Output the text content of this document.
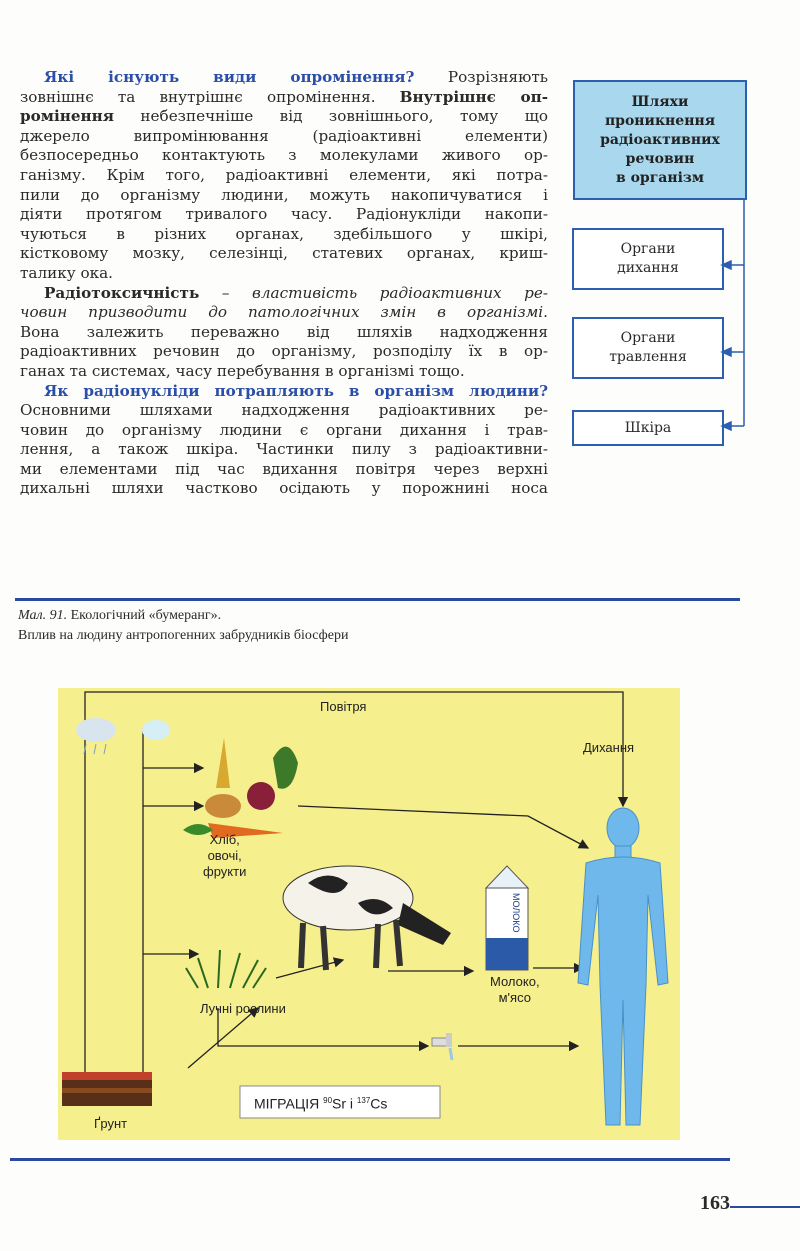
Які існують види опромінення? Розрізняють
зовнішнє та внутрішнє опромінення. Внутрішнє оп-
ромінення небезпечніше від зовнішнього, тому що
джерело випромінювання (радіоактивні елементи)
безпосередньо контактують з молекулами живого ор-
ганізму. Крім того, радіоактивні елементи, які потра-
пили до організму людини, можуть накопичуватися і
діяти протягом тривалого часу. Радіонукліди накопи-
чуються в різних органах, здебільшого у шкірі,
кістковому мозку, селезінці, статевих органах, криш-
талику ока.
Радіотоксичність – властивість радіоактивних ре-
човин призводити до патологічних змін в організмі.
Вона залежить переважно від шляхів надходження
радіоактивних речовин до організму, розподілу їх в ор-
ганах та системах, часу перебування в організмі тощо.
Як радіонукліди потрапляють в організм людини?
Основними шляхами надходження радіоактивних ре-
човин до організму людини є органи дихання і трав-
лення, а також шкіра. Частинки пилу з радіоактивни-
ми елементами під час вдихання повітря через верхні
дихальні шляхи частково осідають у порожнині носа
Шляхи
проникнення
радіоактивних
речовин
в організм
Органи
дихання
Органи
травлення
Шкіра
Мал. 91. Екологічний «бумеранг».
Вплив на людину антропогенних забрудників біосфери
МОЛОКО
Повітря
Дихання
Хліб,
овочі,
фрукти
Лучні рослини
Молоко,
м'ясо
МІГРАЦІЯ $^{90}$Sr і $^{137}$Cs
Ґрунт
163
